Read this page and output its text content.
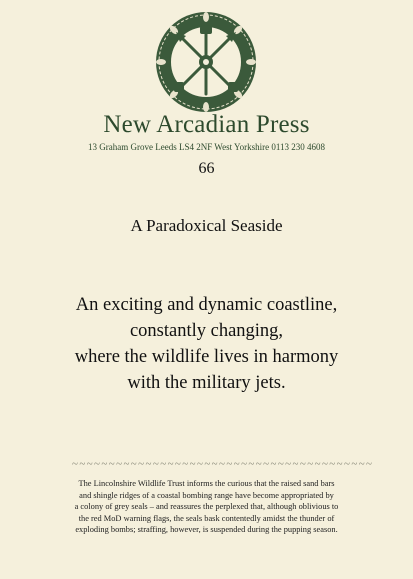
New Arcadian Press
13 Graham Grove Leeds LS4 2NF West Yorkshire 0113 230 4608
66
A Paradoxical Seaside
An exciting and dynamic coastline,
constantly changing,
where the wildlife lives in harmony
with the military jets.
~~~~~~~~~~~~~~~~~~~~~~~~~~~~~~~~~~~~~~~~~
The Lincolnshire Wildlife Trust informs the curious that the raised sand bars
and shingle ridges of a coastal bombing range have become appropriated by
a colony of grey seals – and reassures the perplexed that, although oblivious to
the red MoD warning flags, the seals bask contentedly amidst the thunder of
exploding bombs; straffing, however, is suspended during the pupping season.
